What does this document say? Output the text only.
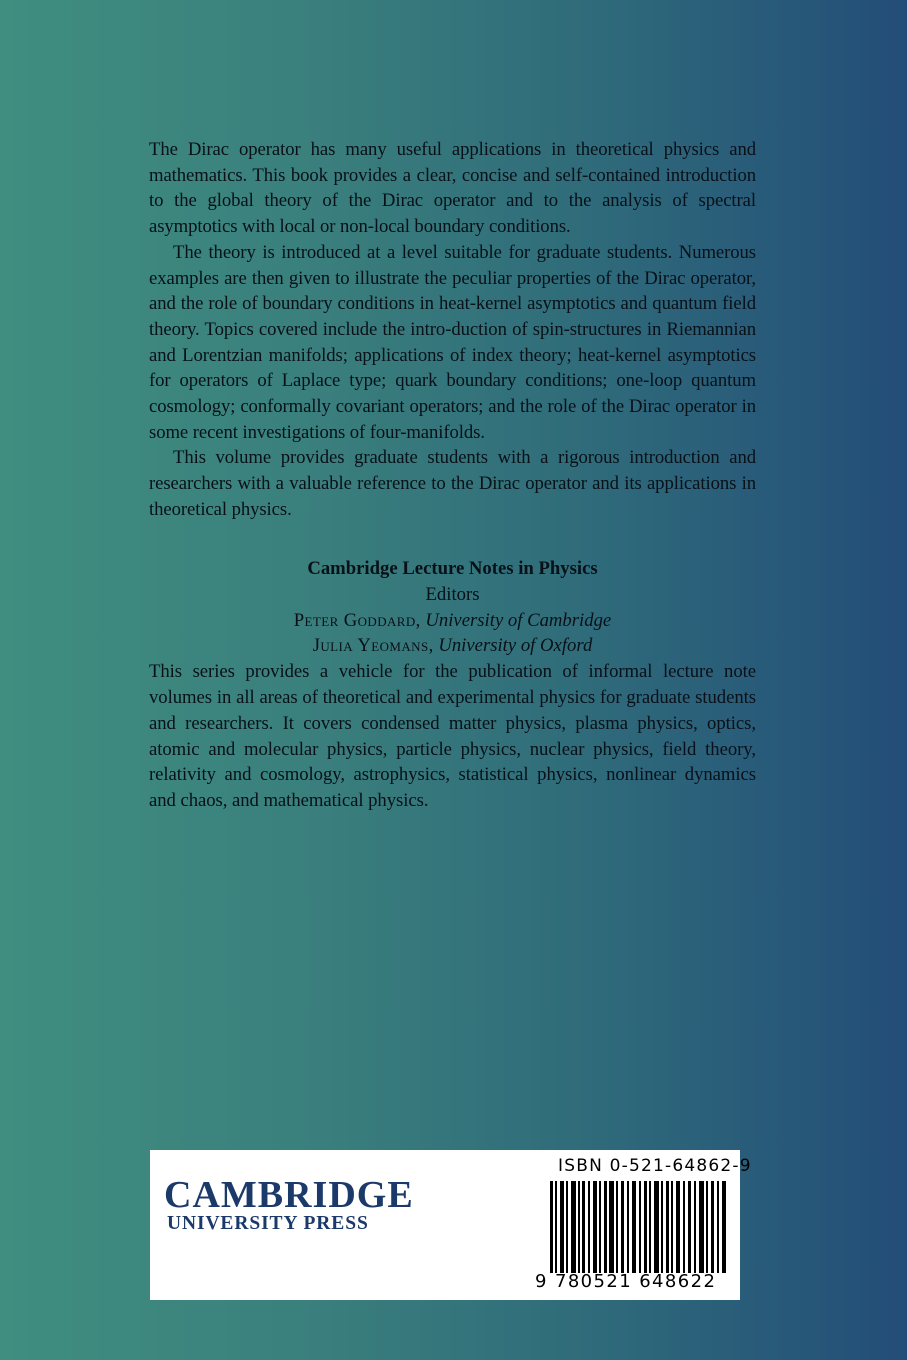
The Dirac operator has many useful applications in theoretical physics and mathematics. This book provides a clear, concise and self-contained introduction to the global theory of the Dirac operator and to the analysis of spectral asymptotics with local or non-local boundary conditions.

The theory is introduced at a level suitable for graduate students. Numerous examples are then given to illustrate the peculiar properties of the Dirac operator, and the role of boundary conditions in heat-kernel asymptotics and quantum field theory. Topics covered include the intro-duction of spin-structures in Riemannian and Lorentzian manifolds; applications of index theory; heat-kernel asymptotics for operators of Laplace type; quark boundary conditions; one-loop quantum cosmology; conformally covariant operators; and the role of the Dirac operator in some recent investigations of four-manifolds.

This volume provides graduate students with a rigorous introduction and researchers with a valuable reference to the Dirac operator and its applications in theoretical physics.

Cambridge Lecture Notes in Physics
Editors
Peter Goddard, University of Cambridge
Julia Yeomans, University of Oxford

This series provides a vehicle for the publication of informal lecture note volumes in all areas of theoretical and experimental physics for graduate students and researchers. It covers condensed matter physics, plasma physics, optics, atomic and molecular physics, particle physics, nuclear physics, field theory, relativity and cosmology, astrophysics, statistical physics, nonlinear dynamics and chaos, and mathematical physics.

CAMBRIDGE
UNIVERSITY PRESS
ISBN 0-521-64862-9
9 780521 648622
